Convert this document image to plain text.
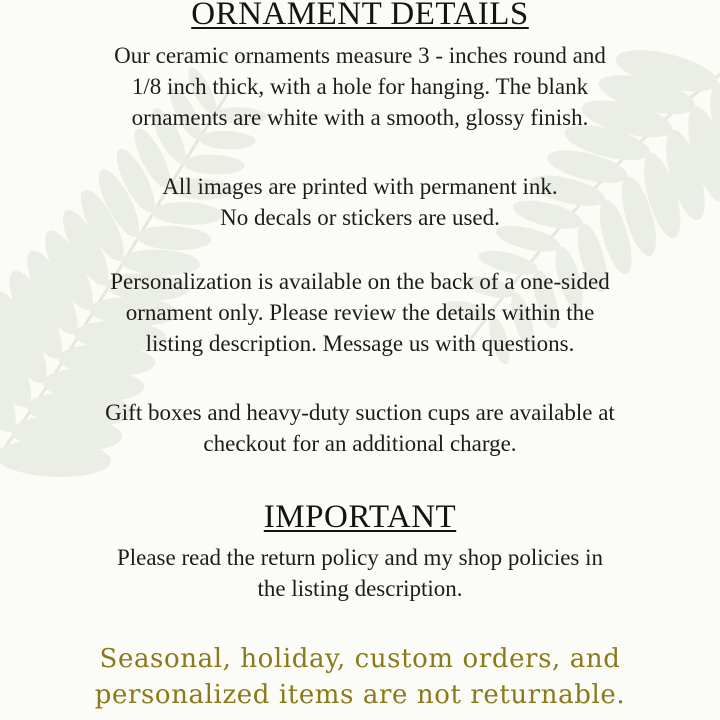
ORNAMENT DETAILS

Our ceramic ornaments measure 3 - inches round and
1/8 inch thick, with a hole for hanging. The blank
ornaments are white with a smooth, glossy finish.

All images are printed with permanent ink.
No decals or stickers are used.

Personalization is available on the back of a one-sided
ornament only. Please review the details within the
listing description. Message us with questions.

Gift boxes and heavy-duty suction cups are available at
checkout for an additional charge.

IMPORTANT

Please read the return policy and my shop policies in
the listing description.

Seasonal, holiday, custom orders, and
personalized items are not returnable.
